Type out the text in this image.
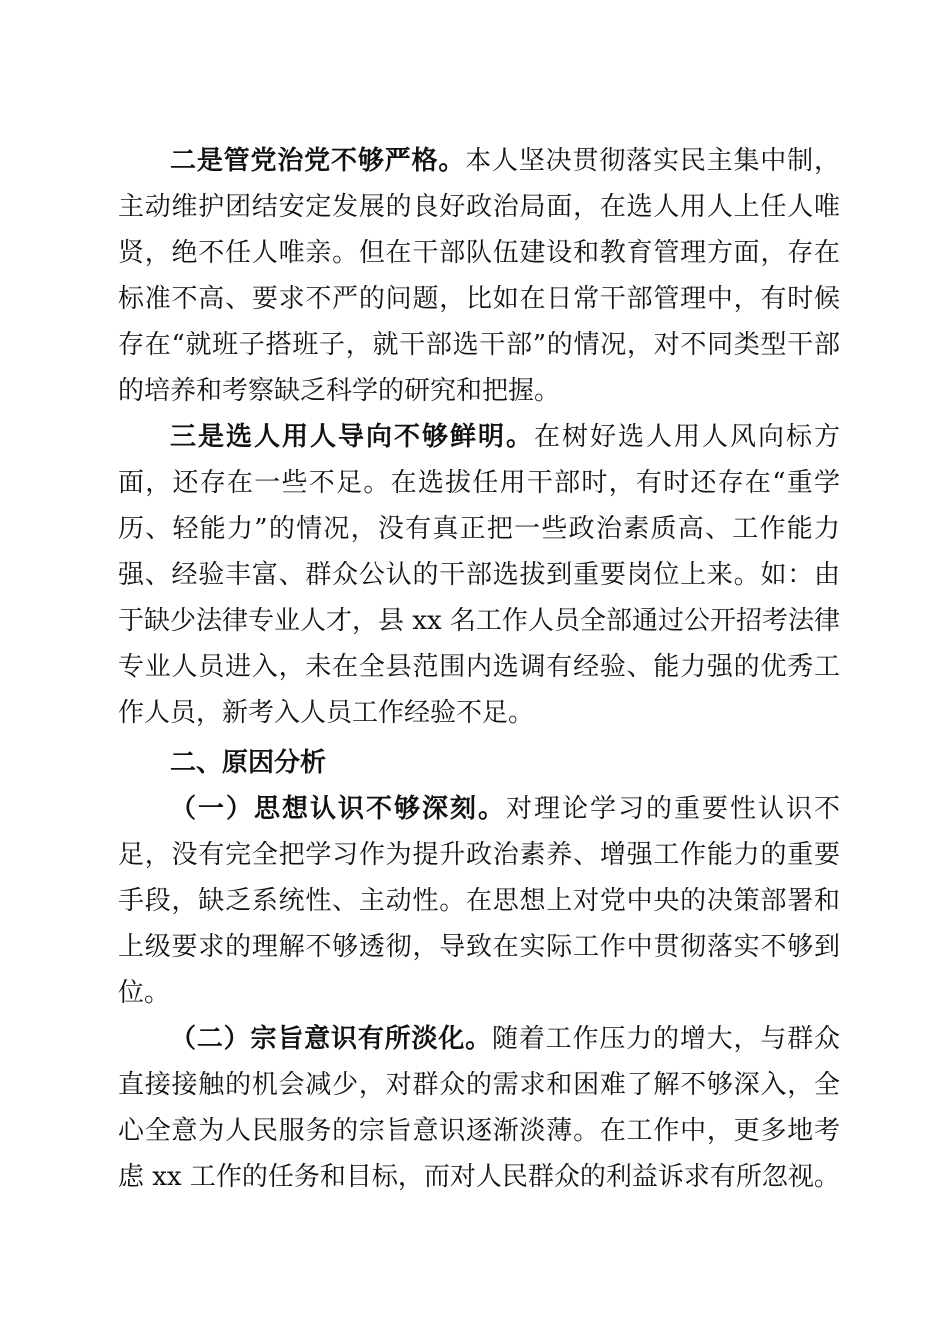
二是管党治党不够严格。本人坚决贯彻落实民主集中制，主动维护团结安定发展的良好政治局面，在选人用人上任人唯贤，绝不任人唯亲。但在干部队伍建设和教育管理方面，存在标准不高、要求不严的问题，比如在日常干部管理中，有时候存在“就班子搭班子，就干部选干部”的情况，对不同类型干部的培养和考察缺乏科学的研究和把握。

三是选人用人导向不够鲜明。在树好选人用人风向标方面，还存在一些不足。在选拔任用干部时，有时还存在“重学历、轻能力”的情况，没有真正把一些政治素质高、工作能力强、经验丰富、群众公认的干部选拔到重要岗位上来。如：由于缺少法律专业人才，县 xx 名工作人员全部通过公开招考法律专业人员进入，未在全县范围内选调有经验、能力强的优秀工作人员，新考入人员工作经验不足。

二、原因分析

（一）思想认识不够深刻。对理论学习的重要性认识不足，没有完全把学习作为提升政治素养、增强工作能力的重要手段，缺乏系统性、主动性。在思想上对党中央的决策部署和上级要求的理解不够透彻，导致在实际工作中贯彻落实不够到位。

（二）宗旨意识有所淡化。随着工作压力的增大，与群众直接接触的机会减少，对群众的需求和困难了解不够深入，全心全意为人民服务的宗旨意识逐渐淡薄。在工作中，更多地考虑 xx 工作的任务和目标，而对人民群众的利益诉求有所忽视。
